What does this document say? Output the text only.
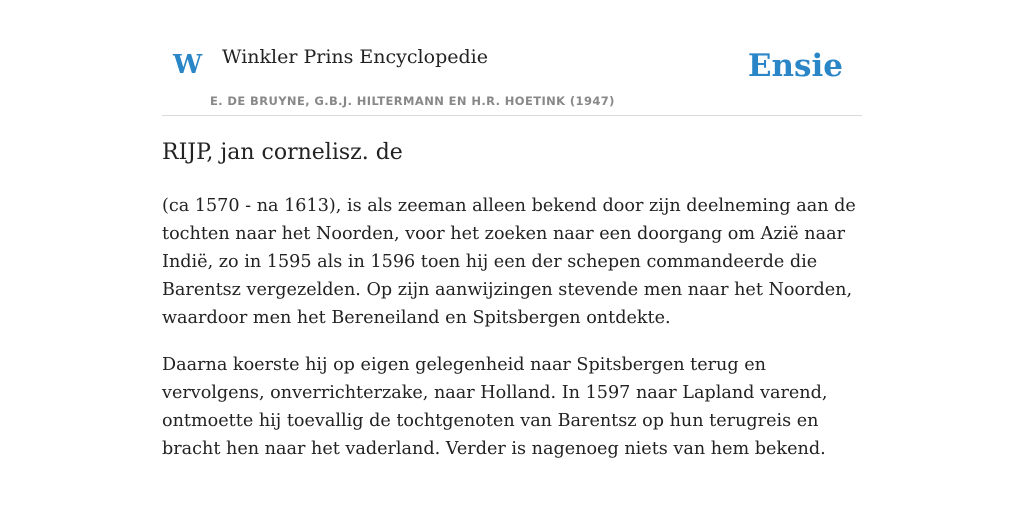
W Winkler Prins Encyclopedie
E. DE BRUYNE, G.B.J. HILTERMANN EN H.R. HOETINK (1947)
Ensie
RIJP, jan cornelisz. de

(ca 1570 - na 1613), is als zeeman alleen bekend door zijn deelneming aan de tochten naar het Noorden, voor het zoeken naar een doorgang om Azië naar Indië, zo in 1595 als in 1596 toen hij een der schepen commandeerde die Barentsz vergezelden. Op zijn aanwijzingen stevende men naar het Noorden, waardoor men het Bereneiland en Spitsbergen ontdekte.

Daarna koerste hij op eigen gelegenheid naar Spitsbergen terug en vervolgens, onverrichterzake, naar Holland. In 1597 naar Lapland varend, ontmoette hij toevallig de tochtgenoten van Barentsz op hun terugreis en bracht hen naar het vaderland. Verder is nagenoeg niets van hem bekend.
